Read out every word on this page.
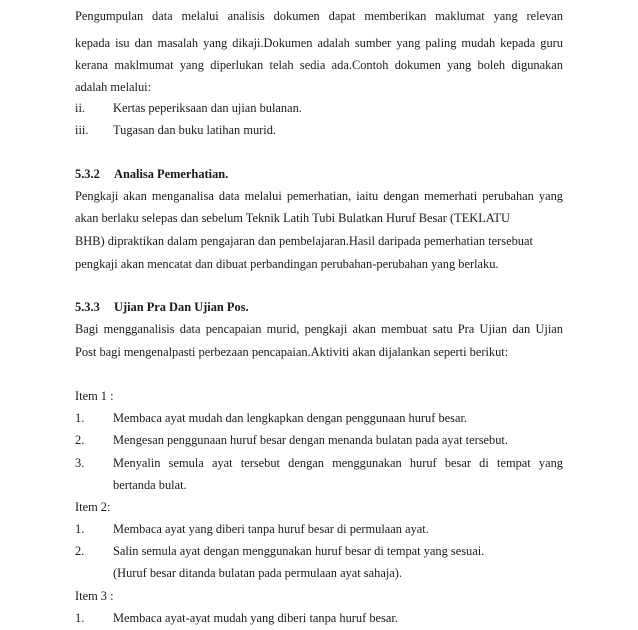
Pengumpulan data melalui analisis dokumen dapat memberikan maklumat yang relevan
kepada isu dan masalah yang dikaji.Dokumen adalah sumber yang paling mudah kepada guru
kerana maklmumat yang diperlukan telah sedia ada.Contoh dokumen yang boleh digunakan
adalah melalui:
ii. Kertas peperiksaan dan ujian bulanan.
iii. Tugasan dan buku latihan murid.
5.3.2 Analisa Pemerhatian.
Pengkaji akan menganalisa data melalui pemerhatian, iaitu dengan memerhati perubahan yang
akan berlaku selepas dan sebelum Teknik Latih Tubi Bulatkan Huruf Besar (TEKLATU
BHB) dipraktikan dalam pengajaran dan pembelajaran.Hasil daripada pemerhatian tersebuat
pengkaji akan mencatat dan dibuat perbandingan perubahan-perubahan yang berlaku.
5.3.3 Ujian Pra Dan Ujian Pos.
Bagi mengganalisis data pencapaian murid, pengkaji akan membuat satu Pra Ujian dan Ujian
Post bagi mengenalpasti perbezaan pencapaian.Aktiviti akan dijalankan seperti berikut:
Item 1 :
1. Membaca ayat mudah dan lengkapkan dengan penggunaan huruf besar.
2. Mengesan penggunaan huruf besar dengan menanda bulatan pada ayat tersebut.
3. Menyalin semula ayat tersebut dengan menggunakan huruf besar di tempat yang
bertanda bulat.
Item 2:
1. Membaca ayat yang diberi tanpa huruf besar di permulaan ayat.
2. Salin semula ayat dengan menggunakan huruf besar di tempat yang sesuai.
(Huruf besar ditanda bulatan pada permulaan ayat sahaja).
Item 3 :
1. Membaca ayat-ayat mudah yang diberi tanpa huruf besar.
